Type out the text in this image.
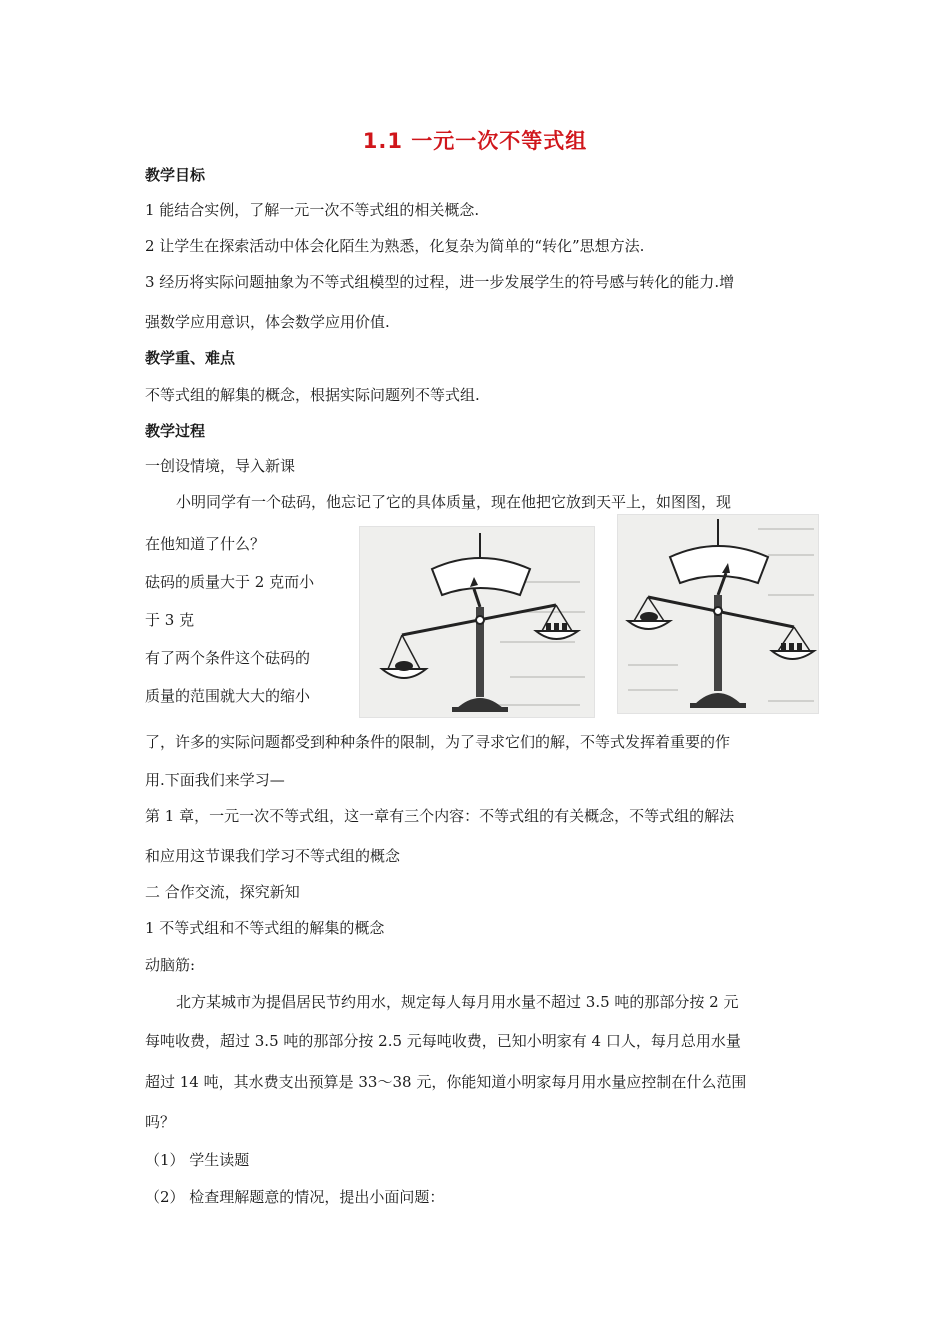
1.1 一元一次不等式组
教学目标
1 能结合实例，了解一元一次不等式组的相关概念.
2 让学生在探索活动中体会化陌生为熟悉，化复杂为简单的“转化”思想方法.
3 经历将实际问题抽象为不等式组模型的过程，进一步发展学生的符号感与转化的能力.增
强数学应用意识，体会数学应用价值.
教学重、难点
不等式组的解集的概念，根据实际问题列不等式组.
教学过程
一创设情境，导入新课
小明同学有一个砝码，他忘记了它的具体质量，现在他把它放到天平上，如图图，现
在他知道了什么？
砝码的质量大于 2 克而小
于 3 克
有了两个条件这个砝码的
质量的范围就大大的缩小
了，许多的实际问题都受到种种条件的限制，为了寻求它们的解，不等式发挥着重要的作
用.下面我们来学习—
第 1 章，一元一次不等式组，这一章有三个内容：不等式组的有关概念，不等式组的解法
和应用这节课我们学习不等式组的概念
二 合作交流，探究新知
1 不等式组和不等式组的解集的概念
动脑筋:
北方某城市为提倡居民节约用水，规定每人每月用水量不超过 3.5 吨的那部分按 2 元
每吨收费，超过 3.5 吨的那部分按 2.5 元每吨收费，已知小明家有 4 口人，每月总用水量
超过 14 吨，其水费支出预算是 33～38 元，你能知道小明家每月用水量应控制在什么范围
吗？
（1） 学生读题
（2） 检查理解题意的情况，提出小面问题：
